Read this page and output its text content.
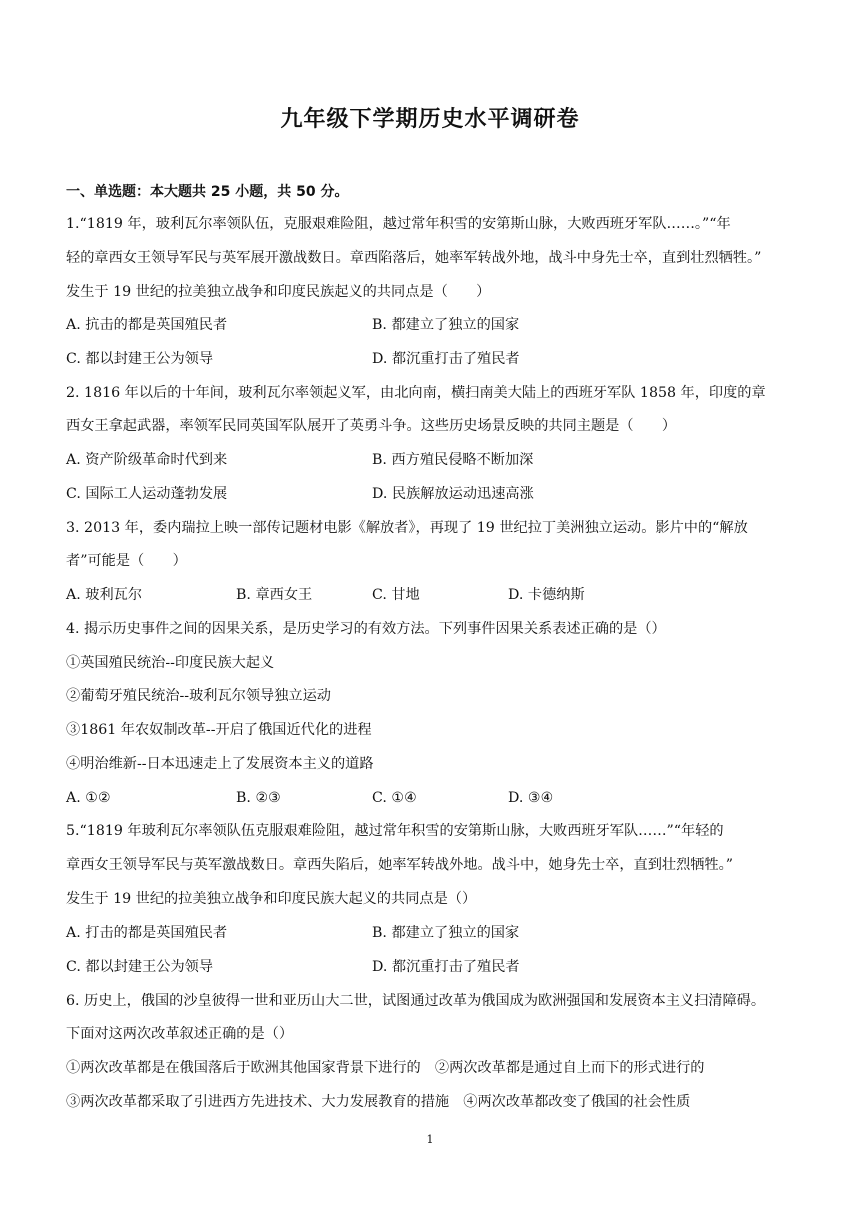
九年级下学期历史水平调研卷
一、单选题：本大题共 25 小题，共 50 分。
1.“1819 年，玻利瓦尔率领队伍，克服艰难险阻，越过常年积雪的安第斯山脉，大败西班牙军队……。”“年
轻的章西女王领导军民与英军展开激战数日。章西陷落后，她率军转战外地，战斗中身先士卒，直到壮烈牺牲。”
发生于 19 世纪的拉美独立战争和印度民族起义的共同点是（　　）
A. 抗击的都是英国殖民者	B. 都建立了独立的国家
C. 都以封建王公为领导	D. 都沉重打击了殖民者
2. 1816 年以后的十年间，玻利瓦尔率领起义军，由北向南，横扫南美大陆上的西班牙军队 1858 年，印度的章
西女王拿起武器，率领军民同英国军队展开了英勇斗争。这些历史场景反映的共同主题是（　　）
A. 资产阶级革命时代到来	B. 西方殖民侵略不断加深
C. 国际工人运动蓬勃发展	D. 民族解放运动迅速高涨
3. 2013 年，委内瑞拉上映一部传记题材电影《解放者》，再现了 19 世纪拉丁美洲独立运动。影片中的“解放
者”可能是（　　）
A. 玻利瓦尔	B. 章西女王	C. 甘地	D. 卡德纳斯
4. 揭示历史事件之间的因果关系，是历史学习的有效方法。下列事件因果关系表述正确的是（）
①英国殖民统治--印度民族大起义
②葡萄牙殖民统治--玻利瓦尔领导独立运动
③1861 年农奴制改革--开启了俄国近代化的进程
④明治维新--日本迅速走上了发展资本主义的道路
A. ①②	B. ②③	C. ①④	D. ③④
5.“1819 年玻利瓦尔率领队伍克服艰难险阻，越过常年积雪的安第斯山脉，大败西班牙军队……”“年轻的
章西女王领导军民与英军激战数日。章西失陷后，她率军转战外地。战斗中，她身先士卒，直到壮烈牺牲。”
发生于 19 世纪的拉美独立战争和印度民族大起义的共同点是（）
A. 打击的都是英国殖民者	B. 都建立了独立的国家
C. 都以封建王公为领导	D. 都沉重打击了殖民者
6. 历史上，俄国的沙皇彼得一世和亚历山大二世，试图通过改革为俄国成为欧洲强国和发展资本主义扫清障碍。
下面对这两次改革叙述正确的是（）
①两次改革都是在俄国落后于欧洲其他国家背景下进行的　②两次改革都是通过自上而下的形式进行的
③两次改革都采取了引进西方先进技术、大力发展教育的措施　④两次改革都改变了俄国的社会性质
1
